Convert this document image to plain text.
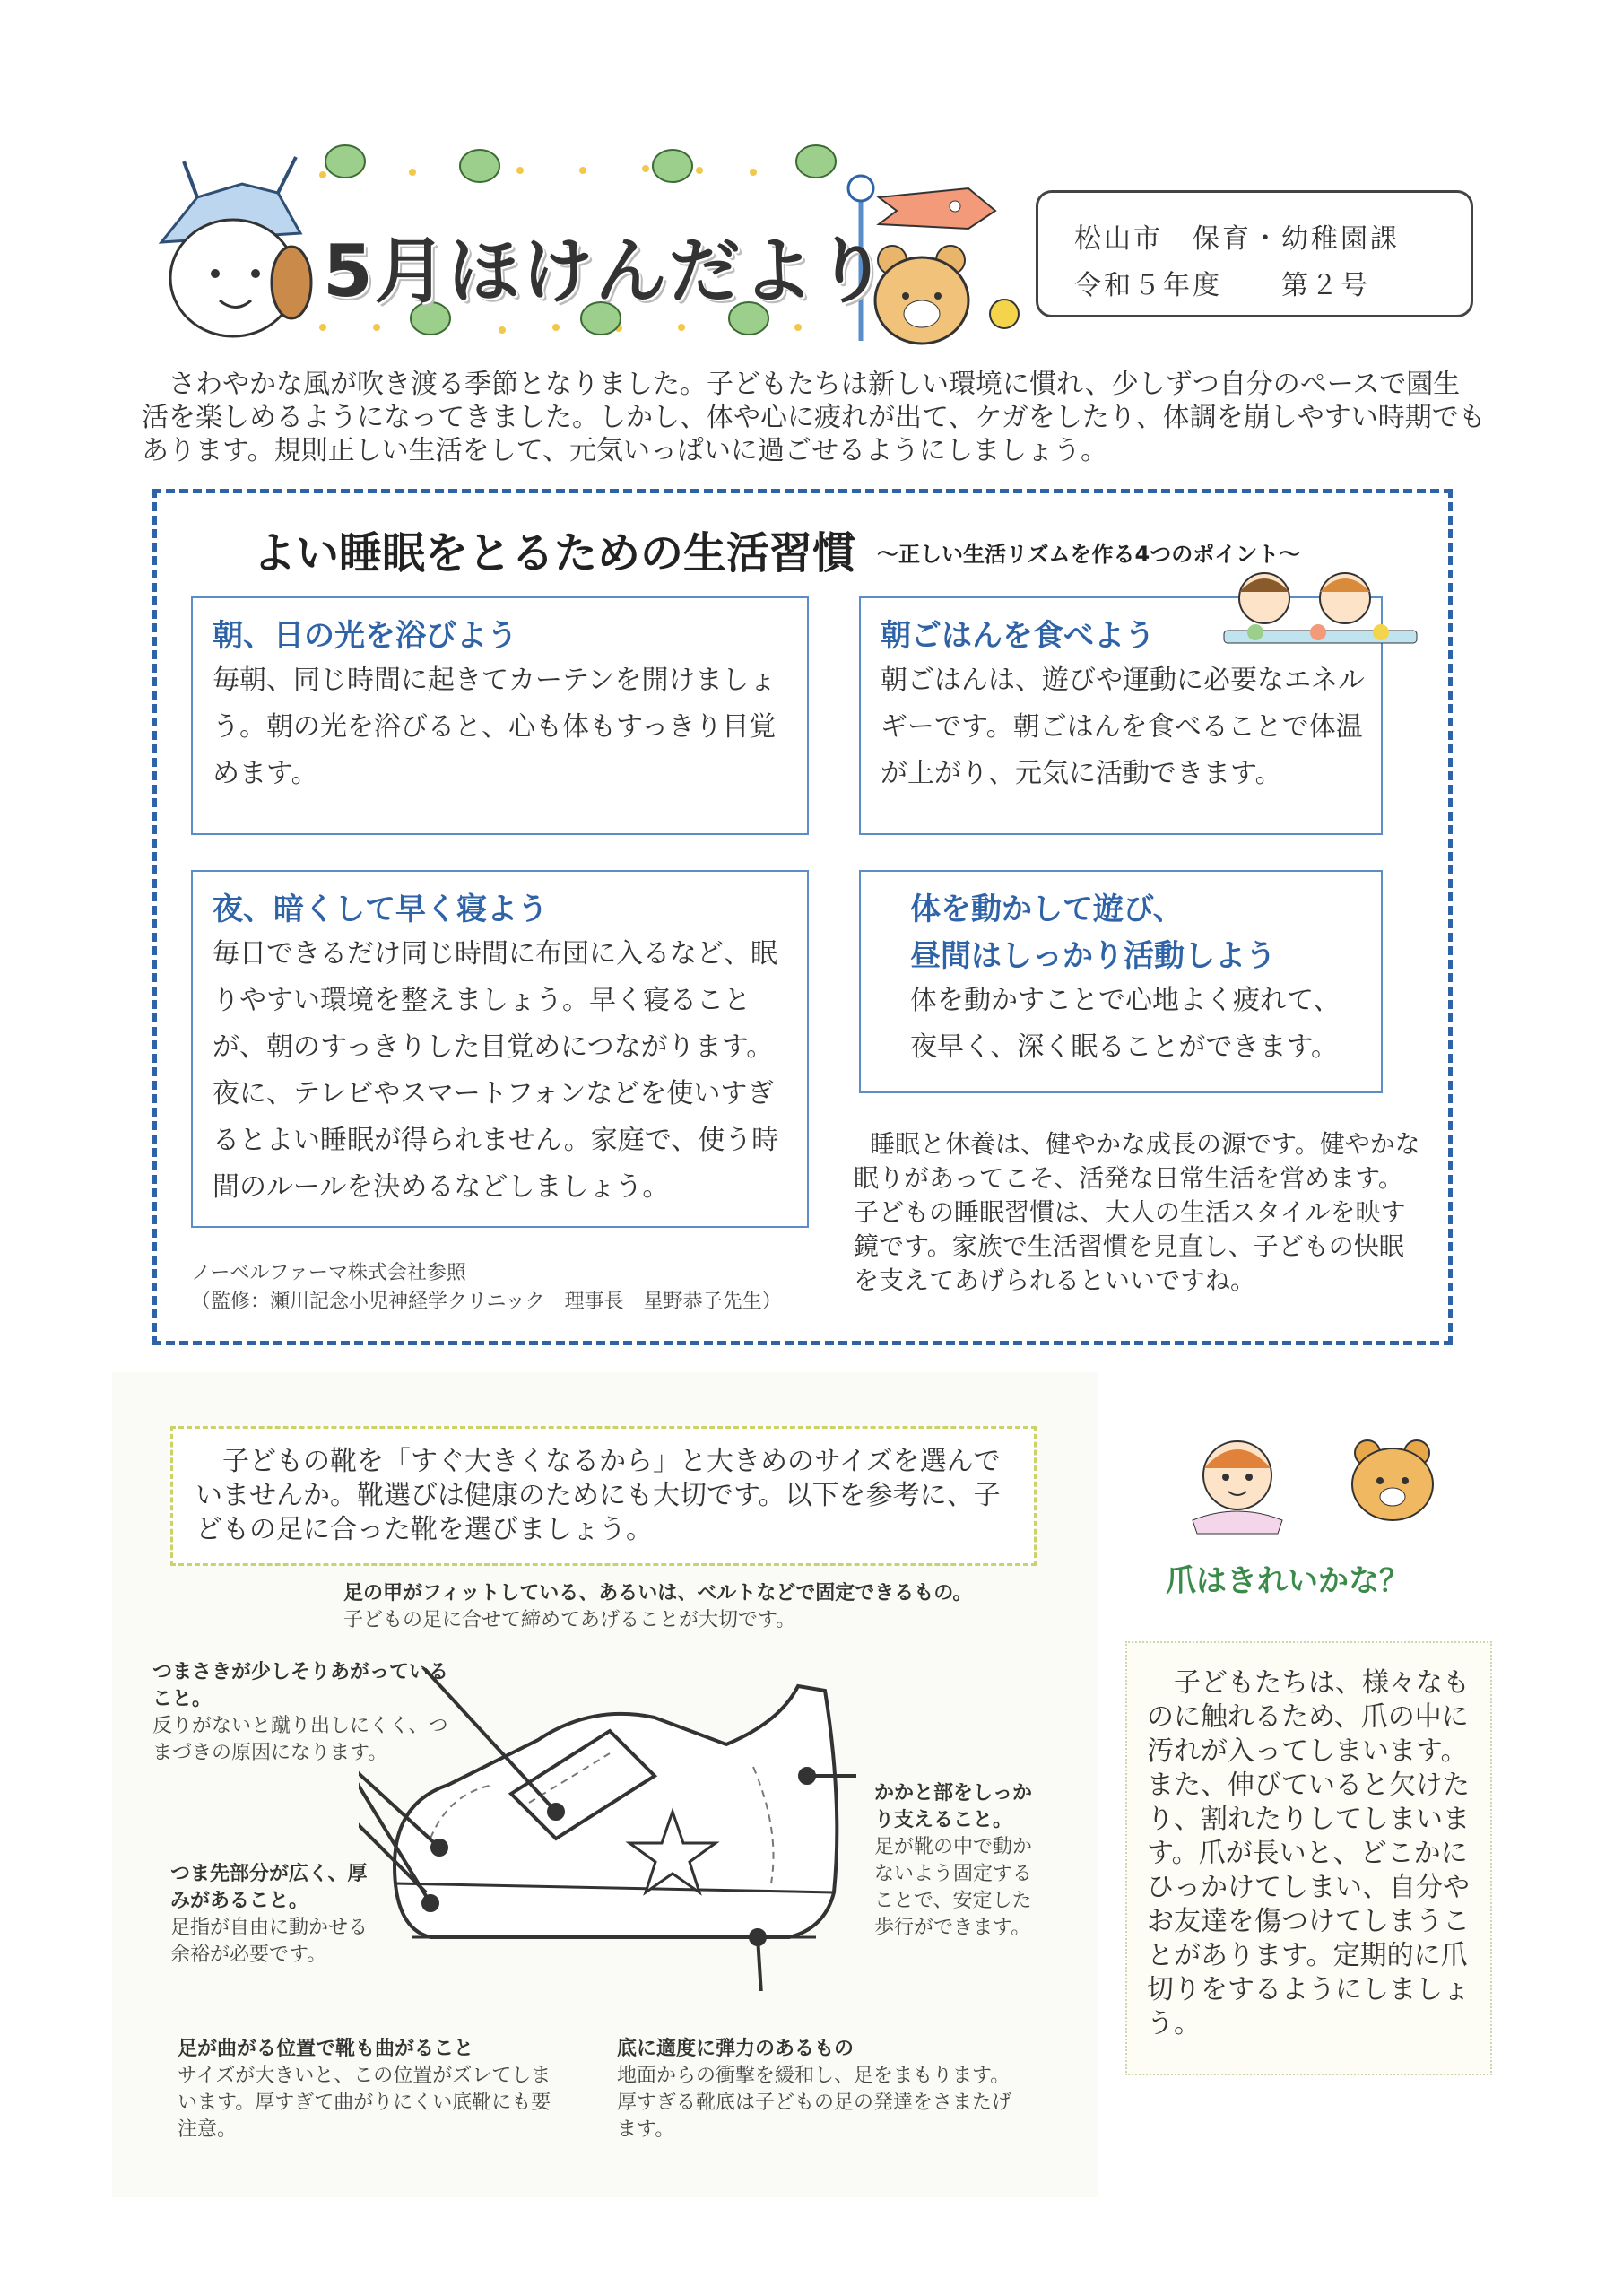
5月ほけんだより	松山市　保育・幼稚園課
令和５年度　　第２号
さわやかな風が吹き渡る季節となりました。子どもたちは新しい環境に慣れ、少しずつ自分のペースで園生活を楽しめるようになってきました。しかし、体や心に疲れが出て、ケガをしたり、体調を崩しやすい時期でもあります。規則正しい生活をして、元気いっぱいに過ごせるようにしましょう。
よい睡眠をとるための生活習慣 ～正しい生活リズムを作る4つのポイント～
朝、日の光を浴びよう
毎朝、同じ時間に起きてカーテンを開けましょう。朝の光を浴びると、心も体もすっきり目覚めます。
朝ごはんを食べよう
朝ごはんは、遊びや運動に必要なエネルギーです。朝ごはんを食べることで体温が上がり、元気に活動できます。
夜、暗くして早く寝よう
毎日できるだけ同じ時間に布団に入るなど、眠りやすい環境を整えましょう。早く寝ることが、朝のすっきりした目覚めにつながります。夜に、テレビやスマートフォンなどを使いすぎるとよい睡眠が得られません。家庭で、使う時間のルールを決めるなどしましょう。
体を動かして遊び、
昼間はしっかり活動しよう
体を動かすことで心地よく疲れて、夜早く、深く眠ることができます。
睡眠と休養は、健やかな成長の源です。健やかな眠りがあってこそ、活発な日常生活を営めます。子どもの睡眠習慣は、大人の生活スタイルを映す鏡です。家族で生活習慣を見直し、子どもの快眠を支えてあげられるといいですね。
ノーベルファーマ株式会社参照
（監修：瀬川記念小児神経学クリニック　理事長　星野恭子先生）
子どもの靴を「すぐ大きくなるから」と大きめのサイズを選んでいませんか。靴選びは健康のためにも大切です。以下を参考に、子どもの足に合った靴を選びましょう。
足の甲がフィットしている、あるいは、ベルトなどで固定できるもの。
子どもの足に合せて締めてあげることが大切です。
つまさきが少しそりあがっていること。
反りがないと蹴り出しにくく、つまづきの原因になります。
つま先部分が広く、厚みがあること。
足指が自由に動かせる余裕が必要です。
かかと部をしっかり支えること。
足が靴の中で動かないよう固定することで、安定した歩行ができます。
足が曲がる位置で靴も曲がること
サイズが大きいと、この位置がズレてしまいます。厚すぎて曲がりにくい底靴にも要注意。
底に適度に弾力のあるもの
地面からの衝撃を緩和し、足をまもります。厚すぎる靴底は子どもの足の発達をさまたげます。
爪はきれいかな？
子どもたちは、様々なものに触れるため、爪の中に汚れが入ってしまいます。また、伸びていると欠けたり、割れたりしてしまいます。爪が長いと、どこかにひっかけてしまい、自分やお友達を傷つけてしまうことがあります。定期的に爪切りをするようにしましょう。
